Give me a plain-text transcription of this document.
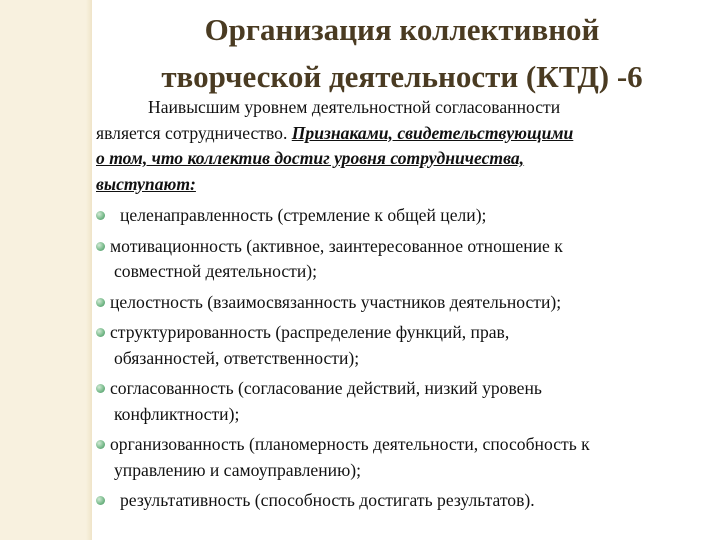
Организация коллективной
творческой деятельности (КТД) -6
Наивысшим уровнем деятельностной согласованности
является сотрудничество. Признаками, свидетельствующими
о том, что коллектив достиг уровня сотрудничества,
выступают:
целенаправленность (стремление к общей цели);
мотивационность (активное, заинтересованное отношение к
совместной деятельности);
целостность (взаимосвязанность участников деятельности);
структурированность (распределение функций, прав,
обязанностей, ответственности);
согласованность (согласование действий, низкий уровень
конфликтности);
организованность (планомерность деятельности, способность к
управлению и самоуправлению);
результативность (способность достигать результатов).
